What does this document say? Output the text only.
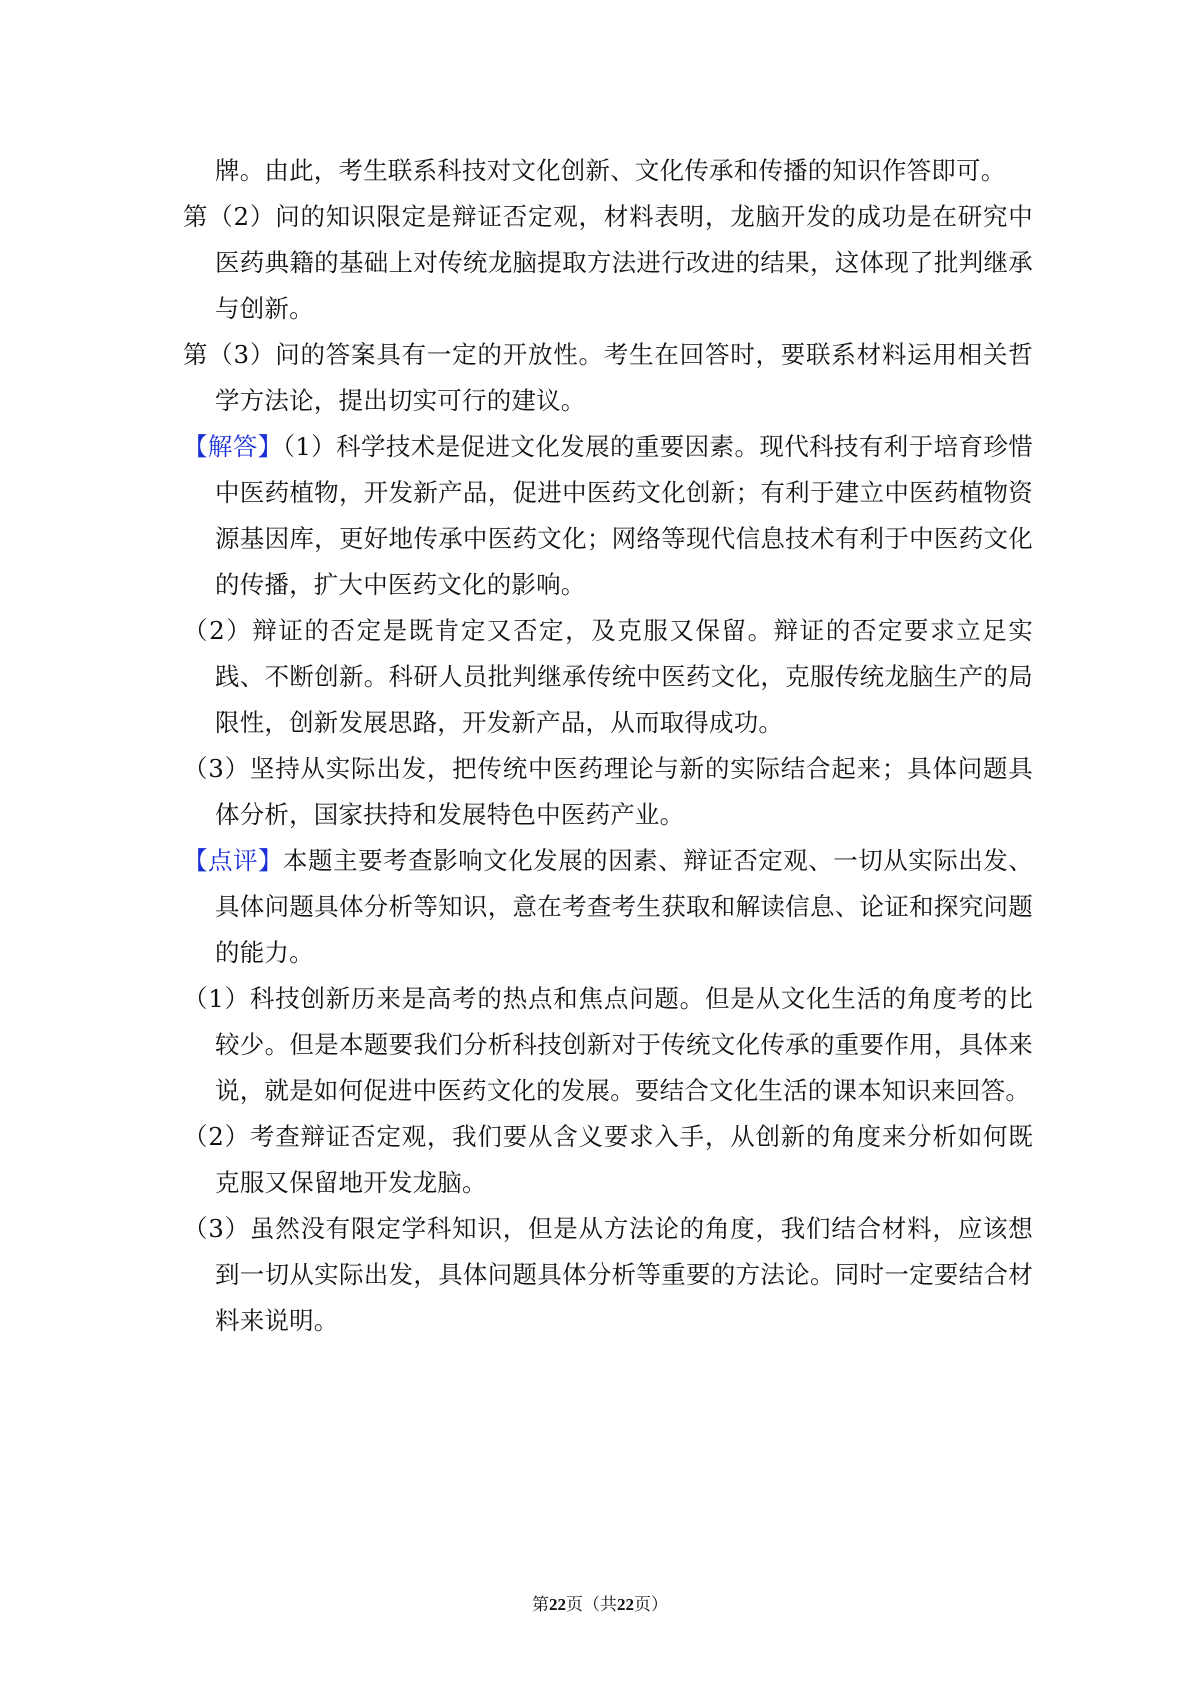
牌。由此，考生联系科技对文化创新、文化传承和传播的知识作答即可。

第（2）问的知识限定是辩证否定观，材料表明，龙脑开发的成功是在研究中医药典籍的基础上对传统龙脑提取方法进行改进的结果，这体现了批判继承与创新。

第（3）问的答案具有一定的开放性。考生在回答时，要联系材料运用相关哲学方法论，提出切实可行的建议。

【解答】（1）科学技术是促进文化发展的重要因素。现代科技有利于培育珍惜中医药植物，开发新产品，促进中医药文化创新；有利于建立中医药植物资源基因库，更好地传承中医药文化；网络等现代信息技术有利于中医药文化的传播，扩大中医药文化的影响。

（2）辩证的否定是既肯定又否定，及克服又保留。辩证的否定要求立足实践、不断创新。科研人员批判继承传统中医药文化，克服传统龙脑生产的局限性，创新发展思路，开发新产品，从而取得成功。

（3）坚持从实际出发，把传统中医药理论与新的实际结合起来；具体问题具体分析，国家扶持和发展特色中医药产业。

【点评】本题主要考查影响文化发展的因素、辩证否定观、一切从实际出发、具体问题具体分析等知识，意在考查考生获取和解读信息、论证和探究问题的能力。

（1）科技创新历来是高考的热点和焦点问题。但是从文化生活的角度考的比较少。但是本题要我们分析科技创新对于传统文化传承的重要作用，具体来说，就是如何促进中医药文化的发展。要结合文化生活的课本知识来回答。

（2）考查辩证否定观，我们要从含义要求入手，从创新的角度来分析如何既克服又保留地开发龙脑。

（3）虽然没有限定学科知识，但是从方法论的角度，我们结合材料，应该想到一切从实际出发，具体问题具体分析等重要的方法论。同时一定要结合材料来说明。

第22页（共22页）
